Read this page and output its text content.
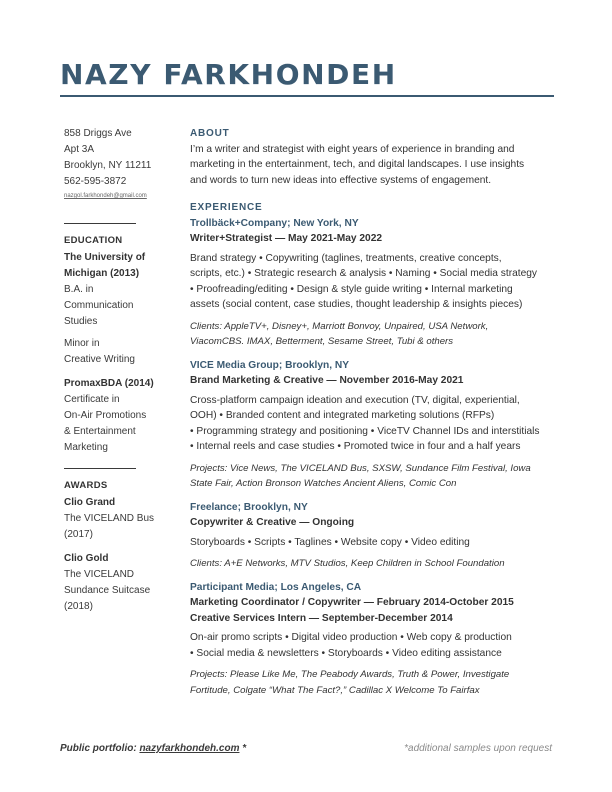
NAZY FARKHONDEH
858 Driggs Ave
Apt 3A
Brooklyn, NY 11211
562-595-3872
nazgol.farkhondeh@gmail.com
EDUCATION
The University of
Michigan (2013)
B.A. in
Communication
Studies
Minor in
Creative Writing
PromaxBDA (2014)
Certificate in
On-Air Promotions
& Entertainment
Marketing
AWARDS
Clio Grand
The VICELAND Bus
(2017)
Clio Gold
The VICELAND
Sundance Suitcase
(2018)
ABOUT
I’m a writer and strategist with eight years of experience in branding and
marketing in the entertainment, tech, and digital landscapes. I use insights
and words to turn new ideas into effective systems of engagement.
EXPERIENCE
Trollbäck+Company; New York, NY
Writer+Strategist — May 2021-May 2022
Brand strategy • Copywriting (taglines, treatments, creative concepts,
scripts, etc.) • Strategic research & analysis • Naming • Social media strategy
• Proofreading/editing • Design & style guide writing • Internal marketing
assets (social content, case studies, thought leadership & insights pieces)
Clients: AppleTV+, Disney+, Marriott Bonvoy, Unpaired, USA Network,
ViacomCBS. IMAX, Betterment, Sesame Street, Tubi & others
VICE Media Group; Brooklyn, NY
Brand Marketing & Creative — November 2016-May 2021
Cross-platform campaign ideation and execution (TV, digital, experiential,
OOH) • Branded content and integrated marketing solutions (RFPs)
• Programming strategy and positioning • ViceTV Channel IDs and interstitials
• Internal reels and case studies • Promoted twice in four and a half years
Projects: Vice News, The VICELAND Bus, SXSW, Sundance Film Festival, Iowa
State Fair, Action Bronson Watches Ancient Aliens, Comic Con
Freelance; Brooklyn, NY
Copywriter & Creative — Ongoing
Storyboards • Scripts • Taglines • Website copy • Video editing
Clients: A+E Networks, MTV Studios, Keep Children in School Foundation
Participant Media; Los Angeles, CA
Marketing Coordinator / Copywriter — February 2014-October 2015
Creative Services Intern — September-December 2014
On-air promo scripts • Digital video production • Web copy & production
• Social media & newsletters • Storyboards • Video editing assistance
Projects: Please Like Me, The Peabody Awards, Truth & Power, Investigate
Fortitude, Colgate “What The Fact?,” Cadillac X Welcome To Fairfax
Public portfolio: nazyfarkhondeh.com *	*additional samples upon request
